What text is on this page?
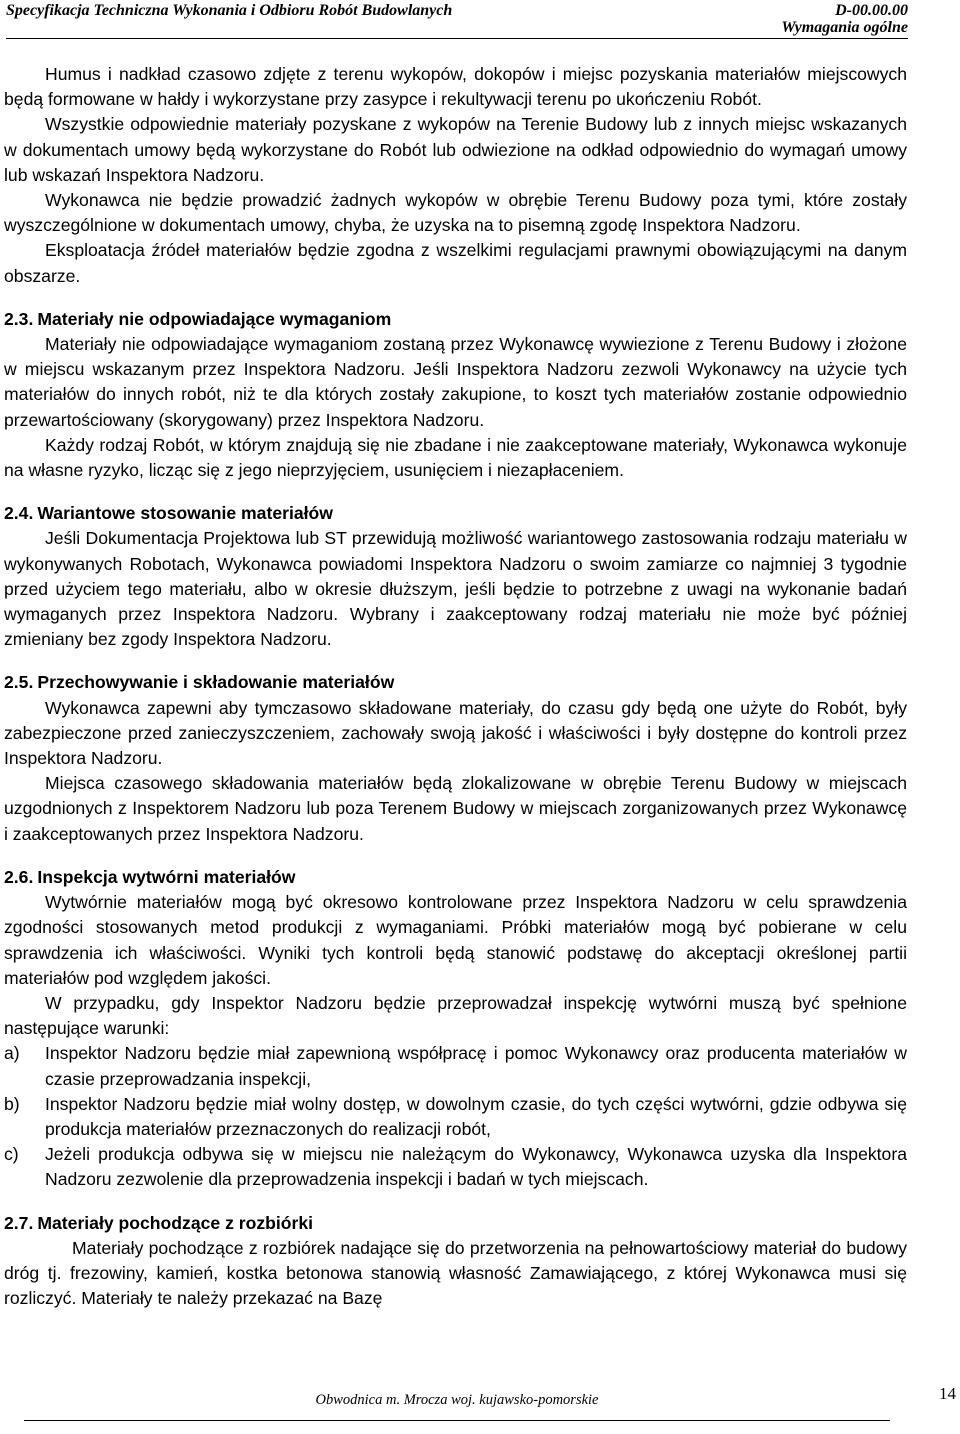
Specyfikacja Techniczna Wykonania i Odbioru Robót Budowlanych	D-00.00.00
Wymagania ogólne

Humus i nadkład czasowo zdjęte z terenu wykopów, dokopów i miejsc pozyskania materiałów miejscowych będą formowane w hałdy i wykorzystane przy zasypce i rekultywacji terenu po ukończeniu Robót.

Wszystkie odpowiednie materiały pozyskane z wykopów na Terenie Budowy lub z innych miejsc wskazanych w dokumentach umowy będą wykorzystane do Robót lub odwiezione na odkład odpowiednio do wymagań umowy lub wskazań Inspektora Nadzoru.

Wykonawca nie będzie prowadzić żadnych wykopów w obrębie Terenu Budowy poza tymi, które zostały wyszczególnione w dokumentach umowy, chyba, że uzyska na to pisemną zgodę Inspektora Nadzoru.

Eksploatacja źródeł materiałów będzie zgodna z wszelkimi regulacjami prawnymi obowiązującymi na danym obszarze.

2.3. Materiały nie odpowiadające wymaganiom

Materiały nie odpowiadające wymaganiom zostaną przez Wykonawcę wywiezione z Terenu Budowy i złożone w miejscu wskazanym przez Inspektora Nadzoru. Jeśli Inspektora Nadzoru zezwoli Wykonawcy na użycie tych materiałów do innych robót, niż te dla których zostały zakupione, to koszt tych materiałów zostanie odpowiednio przewartościowany (skorygowany) przez Inspektora Nadzoru.

Każdy rodzaj Robót, w którym znajdują się nie zbadane i nie zaakceptowane materiały, Wykonawca wykonuje na własne ryzyko, licząc się z jego nieprzyjęciem, usunięciem i niezapłaceniem.

2.4. Wariantowe stosowanie materiałów

Jeśli Dokumentacja Projektowa lub ST przewidują możliwość wariantowego zastosowania rodzaju materiału w wykonywanych Robotach, Wykonawca powiadomi Inspektora Nadzoru o swoim zamiarze co najmniej 3 tygodnie przed użyciem tego materiału, albo w okresie dłuższym, jeśli będzie to potrzebne z uwagi na wykonanie badań wymaganych przez Inspektora Nadzoru. Wybrany i zaakceptowany rodzaj materiału nie może być później zmieniany bez zgody Inspektora Nadzoru.

2.5. Przechowywanie i składowanie materiałów

Wykonawca zapewni aby tymczasowo składowane materiały, do czasu gdy będą one użyte do Robót, były zabezpieczone przed zanieczyszczeniem, zachowały swoją jakość i właściwości i były dostępne do kontroli przez Inspektora Nadzoru.

Miejsca czasowego składowania materiałów będą zlokalizowane w obrębie Terenu Budowy w miejscach uzgodnionych z Inspektorem Nadzoru lub poza Terenem Budowy w miejscach zorganizowanych przez Wykonawcę i zaakceptowanych przez Inspektora Nadzoru.

2.6. Inspekcja wytwórni materiałów

Wytwórnie materiałów mogą być okresowo kontrolowane przez Inspektora Nadzoru w celu sprawdzenia zgodności stosowanych metod produkcji z wymaganiami. Próbki materiałów mogą być pobierane w celu sprawdzenia ich właściwości. Wyniki tych kontroli będą stanowić podstawę do akceptacji określonej partii materiałów pod względem jakości.

W przypadku, gdy Inspektor Nadzoru będzie przeprowadzał inspekcję wytwórni muszą być spełnione następujące warunki:

a) Inspektor Nadzoru będzie miał zapewnioną współpracę i pomoc Wykonawcy oraz producenta materiałów w czasie przeprowadzania inspekcji,
b) Inspektor Nadzoru będzie miał wolny dostęp, w dowolnym czasie, do tych części wytwórni, gdzie odbywa się produkcja materiałów przeznaczonych do realizacji robót,
c) Jeżeli produkcja odbywa się w miejscu nie należącym do Wykonawcy, Wykonawca uzyska dla Inspektora Nadzoru zezwolenie dla przeprowadzenia inspekcji i badań w tych miejscach.
2.7. Materiały pochodzące z rozbiórki

Materiały pochodzące z rozbiórek nadające się do przetworzenia na pełnowartościowy materiał do budowy dróg tj. frezowiny, kamień, kostka betonowa stanowią własność Zamawiającego, z której Wykonawca musi się rozliczyć. Materiały te należy przekazać na Bazę

Obwodnica m. Mrocza woj. kujawsko-pomorskie	14
